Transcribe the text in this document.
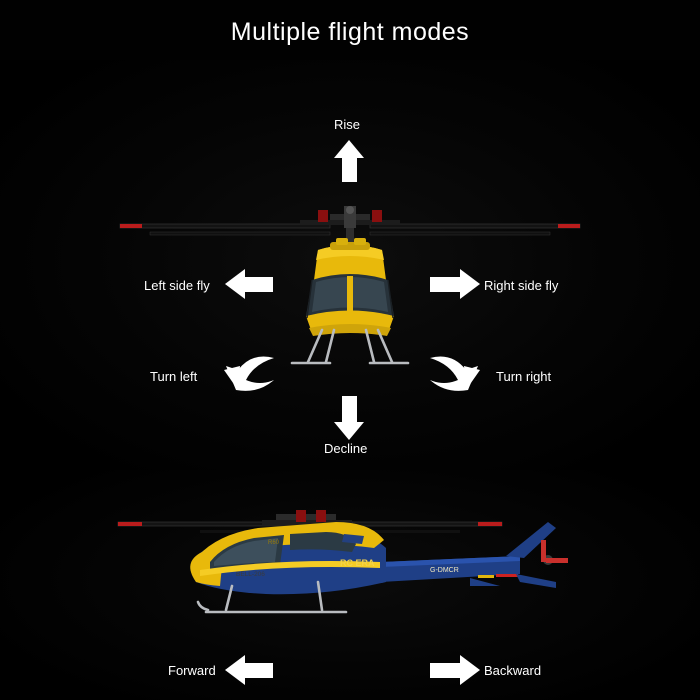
Multiple flight modes
G-DMCR
R60
BELL-206
RC ERA
Rise
Decline
Left side fly	Right side fly
Turn left	Turn right
Forward	Backward
